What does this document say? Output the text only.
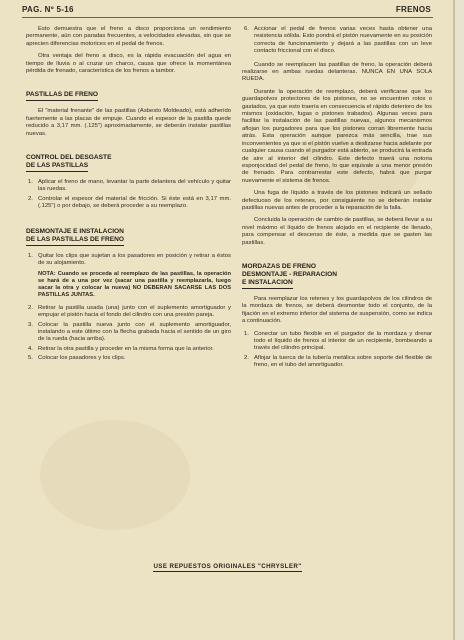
PAG. Nº 5-16	FRENOS

Esto demuestra que el freno a disco proporciona un rendimiento permanente, aún con paradas frecuentes, a velocidades elevadas, sin que se aprecien diferencias motorices en el pedal de frenos.

Otra ventaja del freno a disco, es la rápida evacuación del agua en tiempo de lluvia o al cruzar un charco, causa que ofrece la momentánea pérdida de frenado, característica de los frenos a tambor.

PASTILLAS DE FRENO

El "material frenante" de las pastillas (Asbesto Moldeado), está adherido fuertemente a las placas de empuje. Cuando el espesor de la pastilla quede reducido a 3,17 mm. (.125") aproximadamente, se deberán instalar pastillas nuevas.

CONTROL DEL DESGASTE
DE LAS PASTILLAS
1. Aplicar el freno de mano, levantar la parte delantera del vehículo y quitar las ruedas.
2. Controlar el espesor del material de fricción. Si éste está en 3,17 mm. (.125") o por debajo, se deberá proceder a su reemplazo.
DESMONTAJE E INSTALACION
DE LAS PASTILLAS DE FRENO
1. Quitar los clips que sujetan a los pasadores en posición y retirar a éstos de su alojamiento.

NOTA: Cuando se proceda al reemplazo de las pastillas, la operación se hará de a una por vez (sacar una pastilla y reemplazarla, luego sacar la otra y colocar la nueva) NO DEBERAN SACARSE LAS DOS PASTILLAS JUNTAS.

2. Retirar la pastilla usada (una) junto con el suplemento amortiguador y empujar el pistón hacia el fondo del cilindro con una presión pareja.
3. Colocar la pastilla nueva junto con el suplemento amortiguador, instalando a este último con la flecha grabada hacia el sentido de un giro de la rueda (hacia arriba).
4. Retirar la otra pastilla y proceder en la misma forma que la anterior.
5. Colocar los pasadores y los clips.
6. Accionar el pedal de frenos varias veces hasta obtener una resistencia sólida. Esto pondrá el pistón nuevamente en su posición correcta de funcionamiento y dejará a las pastillas con un leve contacto friccional con el disco.

Cuando se reemplacen las pastillas de freno, la operación deberá realizarse en ambas ruedas delanteras. NUNCA EN UNA SOLA RUEDA.

Durante la operación de reemplazo, deberá verificarse que los guardapolvos protectores de los pistones, no se encuentren rotos o gastados, ya que esto traería en consecuencia el rápido deterioro de los mismos (oxidación, fugas o pistones trabados). Algunas veces para facilitar la instalación de las pastillas nuevas, algunos mecanismos aflojan los purgadores para que los pistones corran libremente hacia atrás. Esta operación aunque parezca más sencilla, trae sus inconvenientes ya que si el pistón vuelve a deslizarse hacia adelante por cualquier causa cuando el purgador está abierto, se producirá la entrada de aire al interior del cilindro. Este defecto traerá una notoria esponjocidad del pedal de freno, lo que equivale a una menor presión de frenado. Para contrarrestar este defecto, habrá que purgar nuevamente el sistema de frenos.

Una fuga de líquido a través de los pistones indicará un sellado defectuoso de los retenes, por consiguiente no se deberán instalar pastillas nuevas antes de proceder a la reparación de la falla.

Concluida la operación de cambio de pastillas, se deberá llevar a su nivel máximo el líquido de frenos alojado en el recipiente de llenado, para compensar el descenso de éste, a medida que se gasten las pastillas.

MORDAZAS DE FRENO
DESMONTAJE - REPARACION
E INSTALACION

Para reemplazar los retenes y los guardapolvos de los cilindros de la mordaza de frenos, se deberá desmontar todo el conjunto, de la fijación en el extremo inferior del sistema de suspensión, como se indica a continuación.

1. Conectar un tubo flexible en el purgador de la mordaza y drenar todo el líquido de frenos al interior de un recipiente, bombeando a través del cilindro principal.
2. Aflojar la tuerca de la tubería metálica sobre soporte del flexible de freno, en el tubo del amortiguador.
USE REPUESTOS ORIGINALES "CHRYSLER"
